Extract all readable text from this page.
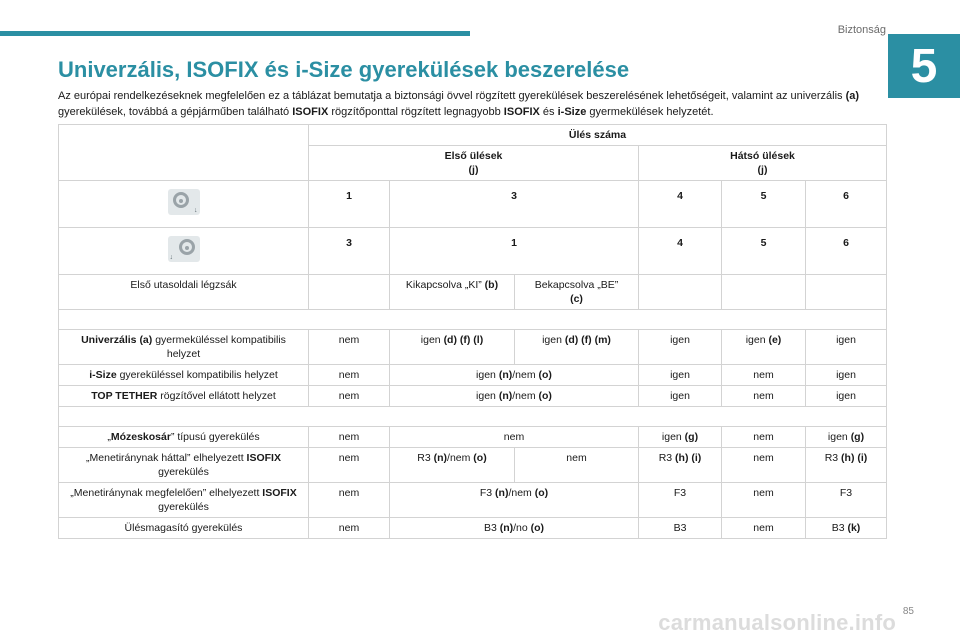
Biztonság
5
Univerzális, ISOFIX és i-Size gyerekülések beszerelése

Az európai rendelkezéseknek megfelelően ez a táblázat bemutatja a biztonsági övvel rögzített gyerekülések beszerelésének lehetőségeit, valamint az univerzális (a) gyerekülések, továbbá a gépjárműben található ISOFIX rögzítőponttal rögzített legnagyobb ISOFIX és i-Size gyermekülések helyzetét.

	Ülés száma					
	Első ülések
(j)			Hátsó ülések
(j)		

↓	1	3		4	5	6

↓	3	1		4	5	6
Első utasoldali légzsák		Kikapcsolva „KI” (b)	Bekapcsolva „BE”
(c)			

Univerzális (a) gyermeküléssel kompatibilis helyzet	nem	igen (d) (f) (l)	igen (d) (f) (m)	igen	igen (e)	igen
i-Size gyereküléssel kompatibilis helyzet	nem	igen (n)/nem (o)		igen	nem	igen
TOP TETHER rögzítővel ellátott helyzet	nem	igen (n)/nem (o)		igen	nem	igen

„Mózeskosár” típusú gyerekülés	nem	nem		igen (g)	nem	igen (g)
„Menetiránynak háttal” elhelyezett ISOFIX gyerekülés	nem	R3 (n)/nem (o)	nem	R3 (h) (i)	nem	R3 (h) (i)
„Menetiránynak megfelelően” elhelyezett ISOFIX gyerekülés	nem	F3 (n)/nem (o)		F3	nem	F3
Ülésmagasító gyerekülés	nem	B3 (n)/no (o)		B3	nem	B3 (k)
85
carmanualsonline.info
